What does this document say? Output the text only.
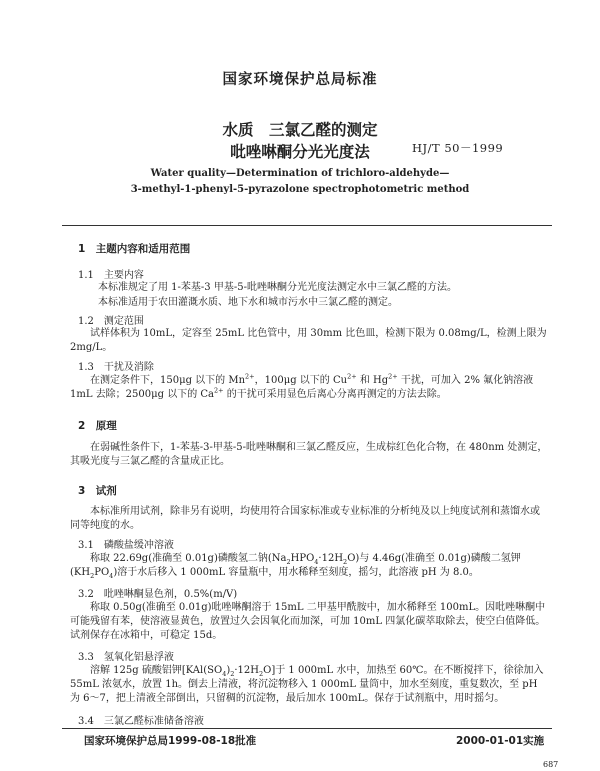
国家环境保护总局标准
水质　三氯乙醛的测定
吡唑啉酮分光光度法	HJ/T 50－1999
Water quality—Determination of trichloro-aldehyde—
3-methyl-1-phenyl-5-pyrazolone spectrophotometric method
1　主题内容和适用范围
1.1　主要内容
本标准规定了用 1-苯基-3 甲基-5-吡唑啉酮分光光度法测定水中三氯乙醛的方法。
本标准适用于农田灌溉水质、地下水和城市污水中三氯乙醛的测定。
1.2　测定范围
试样体积为 10mL，定容至 25mL 比色管中，用 30mm 比色皿，检测下限为 0.08mg/L，检测上限为2mg/L。
1.3　干扰及消除
在测定条件下，150μg 以下的 $Mn^{2+}$，100μg 以下的 $Cu^{2+}$ 和 $Hg^{2+}$ 干扰，可加入 2% 氟化钠溶液 1mL 去除；2500μg 以下的 $Ca^{2+}$ 的干扰可采用显色后离心分离再测定的方法去除。
2　原理
在弱碱性条件下，1-苯基-3-甲基-5-吡唑啉酮和三氯乙醛反应，生成棕红色化合物，在 480nm 处测定，其吸光度与三氯乙醛的含量成正比。
3　试剂
本标准所用试剂，除非另有说明，均使用符合国家标准或专业标准的分析纯及以上纯度试剂和蒸馏水或同等纯度的水。
3.1　磷酸盐缓冲溶液
称取 22.69g(准确至 0.01g)磷酸氢二钠$(Na_2HPO_4\cdot 12H_2O)$与 4.46g(准确至 0.01g)磷酸二氢钾$(KH_2PO_4)$溶于水后移入 1 000mL 容量瓶中，用水稀释至刻度，摇匀，此溶液 pH 为 8.0。
3.2　吡唑啉酮显色剂，0.5%(m/V)
称取 0.50g(准确至 0.01g)吡唑啉酮溶于 15mL 二甲基甲酰胺中，加水稀释至 100mL。因吡唑啉酮中可能残留有苯，使溶液显黄色，放置过久会因氧化而加深，可加 10mL 四氯化碳萃取除去，使空白值降低。试剂保存在冰箱中，可稳定 15d。
3.3　氢氧化铝悬浮液
溶解 125g 硫酸铝钾$[KAl(SO_4)_2\cdot 12H_2O]$于 1 000mL 水中，加热至 60℃。在不断搅拌下，徐徐加入 55mL 浓氨水，放置 1h。倒去上清液，将沉淀物移入 1 000mL 量筒中，加水至刻度，重复数次，至 pH 为 6～7，把上清液全部倒出，只留稠的沉淀物，最后加水 100mL。保存于试剂瓶中，用时摇匀。
3.4　三氯乙醛标准储备溶液
国家环境保护总局1999-08-18批准	2000-01-01实施
687
